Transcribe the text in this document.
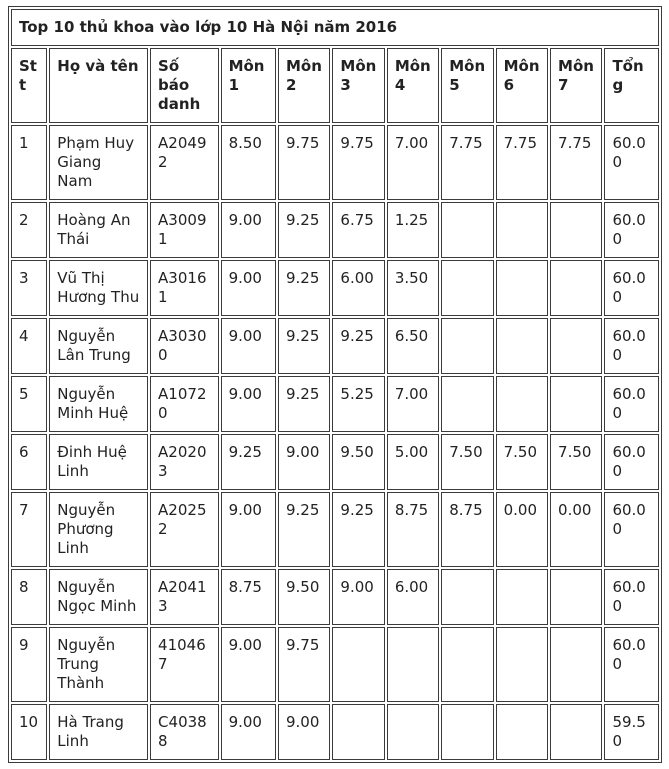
Top 10 thủ khoa vào lớp 10 Hà Nội năm 2016										
Stt	Họ và tên	Số báo danh	Môn 1	Môn 2	Môn 3	Môn 4	Môn 5	Môn 6	Môn 7	Tổng
1	Phạm Huy Giang Nam	A20492	8.50	9.75	9.75	7.00	7.75	7.75	7.75	60.00
2	Hoàng An Thái	A30091	9.00	9.25	6.75	1.25				60.00
3	Vũ Thị Hương Thu	A30161	9.00	9.25	6.00	3.50				60.00
4	Nguyễn Lân Trung	A30300	9.00	9.25	9.25	6.50				60.00
5	Nguyễn Minh Huệ	A10720	9.00	9.25	5.25	7.00				60.00
6	Đinh Huệ Linh	A20203	9.25	9.00	9.50	5.00	7.50	7.50	7.50	60.00
7	Nguyễn Phương Linh	A20252	9.00	9.25	9.25	8.75	8.75	0.00	0.00	60.00
8	Nguyễn Ngọc Minh	A20413	8.75	9.50	9.00	6.00				60.00
9	Nguyễn Trung Thành	410467	9.00	9.75						60.00
10	Hà Trang Linh	C40388	9.00	9.00						59.50
